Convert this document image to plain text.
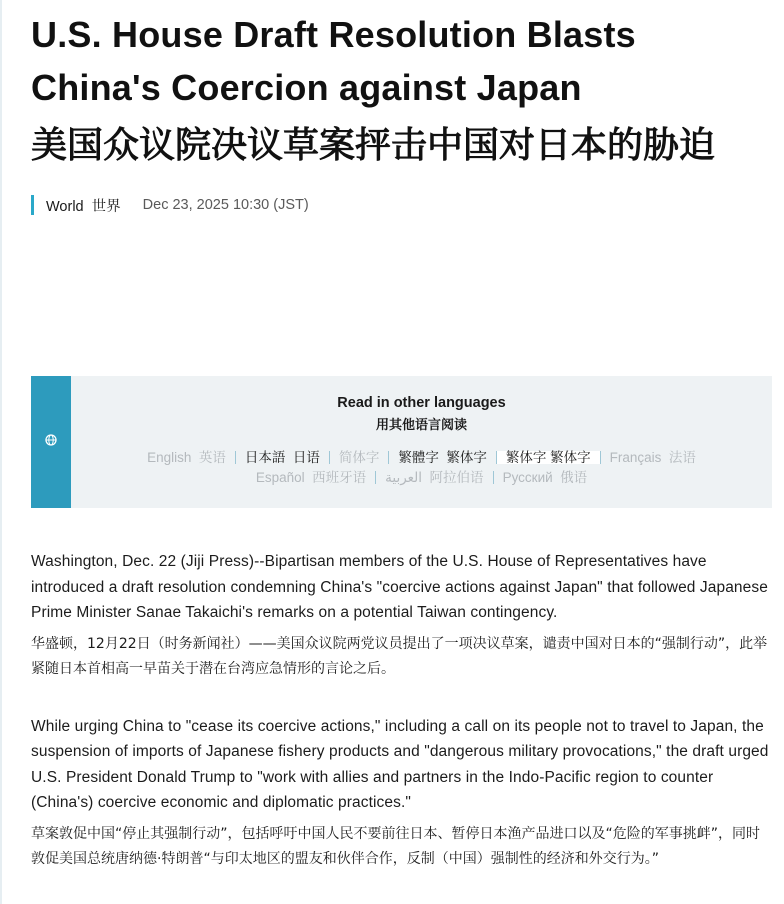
U.S. House Draft Resolution Blasts
China's Coercion against Japan
美国众议院决议草案抨击中国对日本的胁迫
World  世界 Dec 23, 2025 10:30 (JST)
Read in other languages
用其他语言阅读
English  英语 日本語  日语 简体字 繁體字  繁体字 繁体字 繁体字 Français  法语
Español  西班牙语 العربية  阿拉伯语 Русский  俄语

Washington, Dec. 22 (Jiji Press)--Bipartisan members of the U.S. House of Representatives have introduced a draft resolution condemning China's "coercive actions against Japan" that followed Japanese Prime Minister Sanae Takaichi's remarks on a potential Taiwan contingency.

华盛顿，12月22日（时务新闻社）——美国众议院两党议员提出了一项决议草案，谴责中国对日本的“强制行动”，此举紧随日本首相高一早苗关于潜在台湾应急情形的言论之后。

While urging China to "cease its coercive actions," including a call on its people not to travel to Japan, the suspension of imports of Japanese fishery products and "dangerous military provocations," the draft urged U.S. President Donald Trump to "work with allies and partners in the Indo-Pacific region to counter (China's) coercive economic and diplomatic practices."

草案敦促中国“停止其强制行动”，包括呼吁中国人民不要前往日本、暂停日本渔产品进口以及“危险的军事挑衅”，同时敦促美国总统唐纳德·特朗普“与印太地区的盟友和伙伴合作，反制（中国）强制性的经济和外交行为。”
